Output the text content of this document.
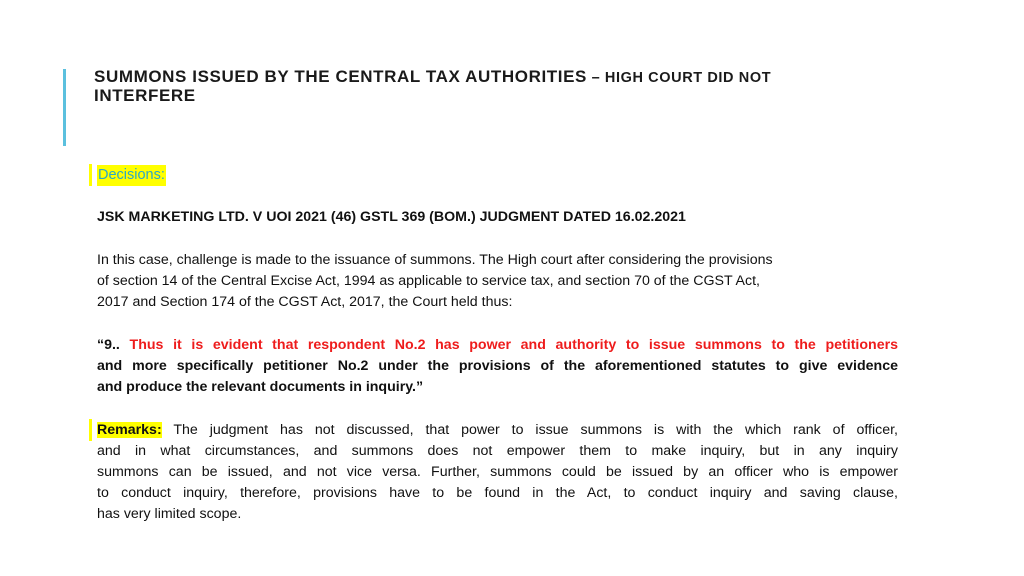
SUMMONS ISSUED BY THE CENTRAL TAX AUTHORITIES – HIGH COURT DID NOT
INTERFERE
Decisions:
JSK MARKETING LTD. V UOI 2021 (46) GSTL 369 (BOM.) JUDGMENT DATED 16.02.2021
In this case, challenge is made to the issuance of summons. The High court after considering the provisions
of section 14 of the Central Excise Act, 1994 as applicable to service tax, and section 70 of the CGST Act,
2017 and Section 174 of the CGST Act, 2017, the Court held thus:
“9.. Thus it is evident that respondent No.2 has power and authority to issue summons to the petitioners
and more specifically petitioner No.2 under the provisions of the aforementioned statutes to give evidence
and produce the relevant documents in inquiry.”
Remarks: The judgment has not discussed, that power to issue summons is with the which rank of officer,
and in what circumstances, and summons does not empower them to make inquiry, but in any inquiry
summons can be issued, and not vice versa. Further, summons could be issued by an officer who is empower
to conduct inquiry, therefore, provisions have to be found in the Act, to conduct inquiry and saving clause,
has very limited scope.
